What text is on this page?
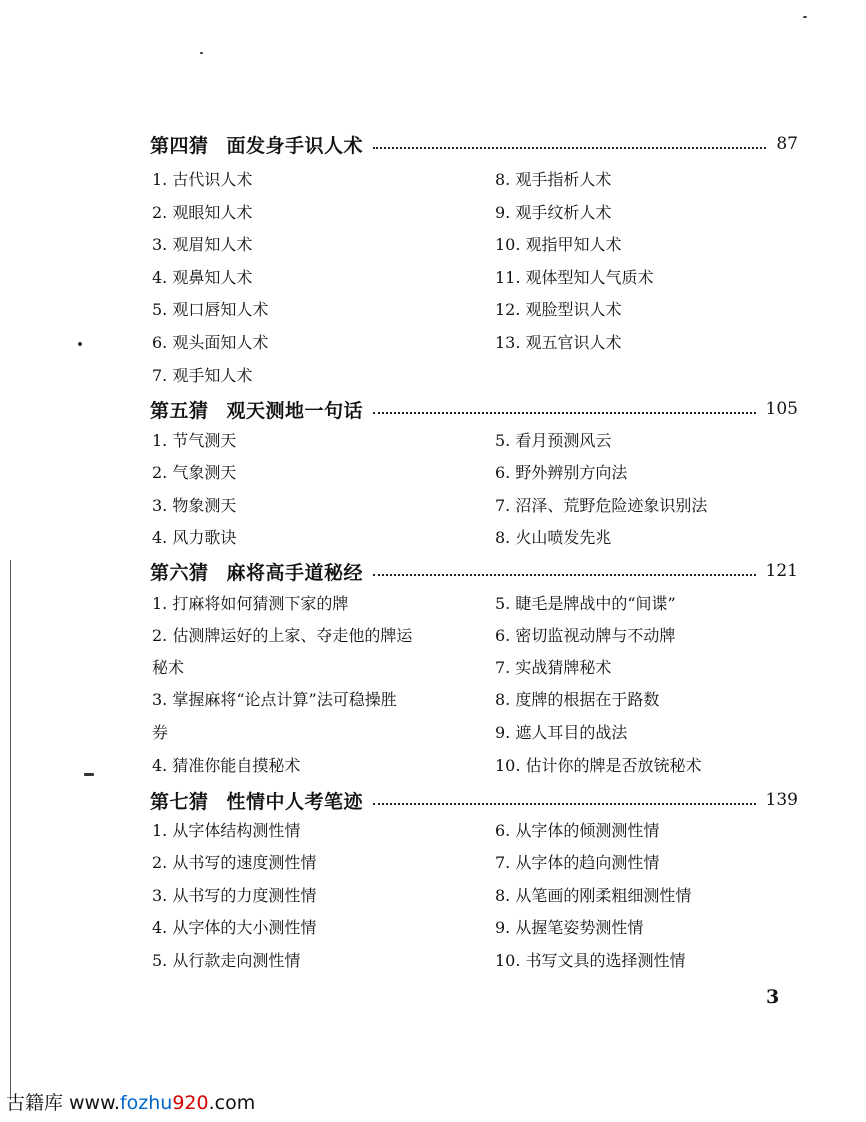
第四猜 面发身手识人术	87
1. 古代识人术
2. 观眼知人术
3. 观眉知人术
4. 观鼻知人术
5. 观口唇知人术
6. 观头面知人术
7. 观手知人术
8. 观手指析人术
9. 观手纹析人术
10. 观指甲知人术
11. 观体型知人气质术
12. 观脸型识人术
13. 观五官识人术
第五猜 观天测地一句话	105
1. 节气测天
2. 气象测天
3. 物象测天
4. 风力歌诀
5. 看月预测风云
6. 野外辨别方向法
7. 沼泽、荒野危险迹象识别法
8. 火山喷发先兆
第六猜 麻将高手道秘经	121
1. 打麻将如何猜测下家的牌
2. 估测牌运好的上家、夺走他的牌运
秘术
3. 掌握麻将“论点计算”法可稳操胜
券
4. 猜准你能自摸秘术
5. 睫毛是牌战中的“间谍”
6. 密切监视动牌与不动牌
7. 实战猜牌秘术
8. 度牌的根据在于路数
9. 遮人耳目的战法
10. 估计你的牌是否放铳秘术
第七猜 性情中人考笔迹	139
1. 从字体结构测性情
2. 从书写的速度测性情
3. 从书写的力度测性情
4. 从字体的大小测性情
5. 从行款走向测性情
6. 从字体的倾测测性情
7. 从字体的趋向测性情
8. 从笔画的刚柔粗细测性情
9. 从握笔姿势测性情
10. 书写文具的选择测性情
3
古籍库 www.fozhu920.com
